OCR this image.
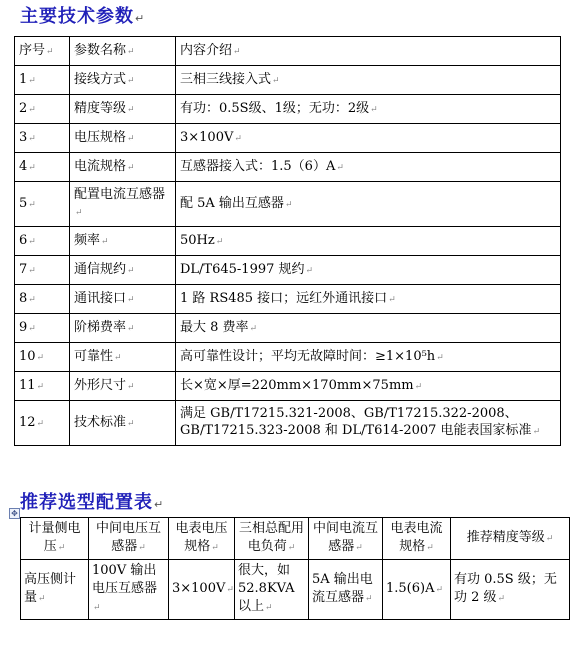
主要技术参数↵
序号↵	参数名称↵	内容介绍↵
1↵	接线方式↵	三相三线接入式↵
2↵	精度等级↵	有功：0.5S级、1级；无功：2级↵
3↵	电压规格↵	3×100V↵
4↵	电流规格↵	互感器接入式：1.5（6）A↵
5↵	配置电流互感器↵	配 5A 输出互感器↵
6↵	频率↵	50Hz↵
7↵	通信规约↵	DL/T645-1997 规约↵
8↵	通讯接口↵	1 路 RS485 接口；远红外通讯接口↵
9↵	阶梯费率↵	最大 8 费率↵
10↵	可靠性↵	高可靠性设计；平均无故障时间：≥1×10⁵h↵
11↵	外形尺寸↵	长×宽×厚=220mm×170mm×75mm↵
12↵	技术标准↵	满足 GB/T17215.321-2008、GB/T17215.322-2008、GB/T17215.323-2008 和 DL/T614-2007 电能表国家标准↵
推荐选型配置表↵
✥
计量侧电压↵	中间电压互感器↵	电表电压规格↵	三相总配用电负荷↵	中间电流互感器↵	电表电流规格↵	推荐精度等级↵
高压侧计量↵	100V 输出电压互感器↵	3×100V↵	很大，如 52.8KVA 以上↵	5A 输出电流互感器↵	1.5(6)A↵	有功 0.5S 级；无功 2 级↵
